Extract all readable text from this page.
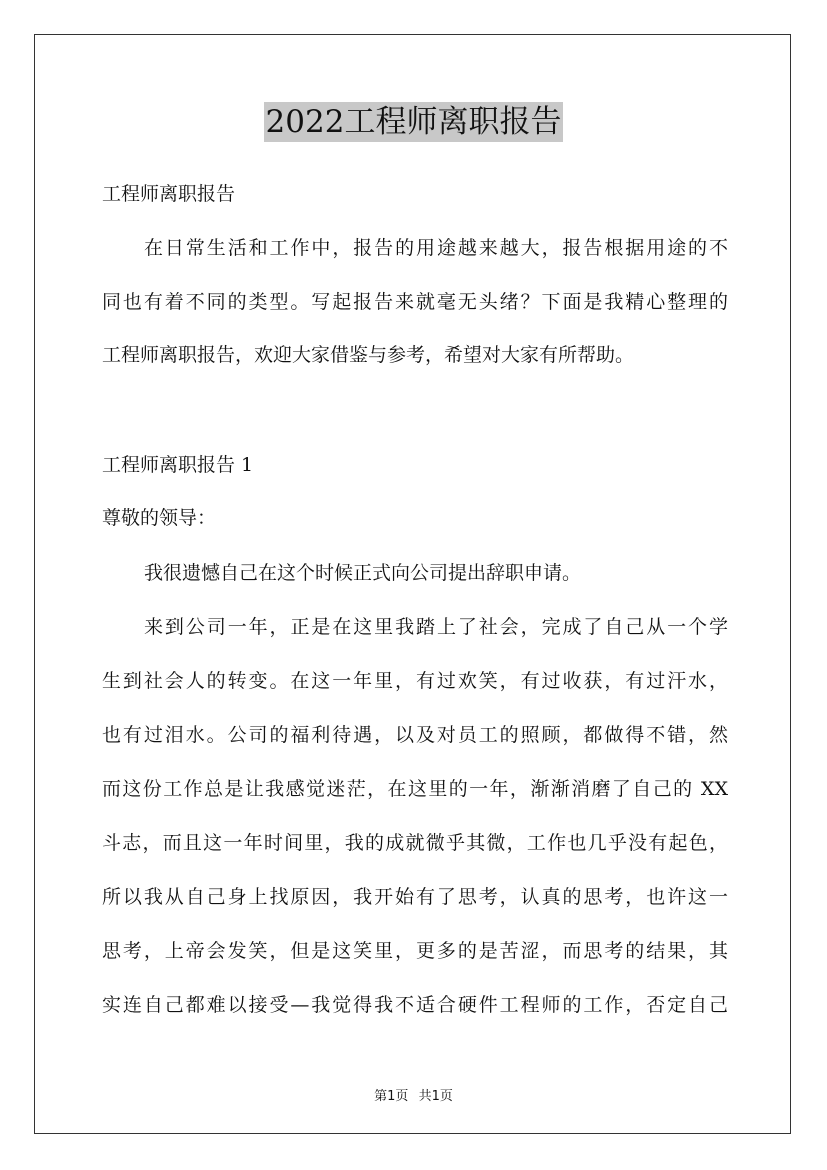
2022工程师离职报告
工程师离职报告
在日常生活和工作中，报告的用途越来越大，报告根据用途的不
同也有着不同的类型。写起报告来就毫无头绪？下面是我精心整理的
工程师离职报告，欢迎大家借鉴与参考，希望对大家有所帮助。
工程师离职报告 1
尊敬的领导：
我很遗憾自己在这个时候正式向公司提出辞职申请。
来到公司一年，正是在这里我踏上了社会，完成了自己从一个学
生到社会人的转变。在这一年里，有过欢笑，有过收获，有过汗水，
也有过泪水。公司的福利待遇，以及对员工的照顾，都做得不错，然
而这份工作总是让我感觉迷茫，在这里的一年，渐渐消磨了自己的 XX
斗志，而且这一年时间里，我的成就微乎其微，工作也几乎没有起色，
所以我从自己身上找原因，我开始有了思考，认真的思考，也许这一
思考，上帝会发笑，但是这笑里，更多的是苦涩，而思考的结果，其
实连自己都难以接受—我觉得我不适合硬件工程师的工作，否定自己
第1页 共1页
